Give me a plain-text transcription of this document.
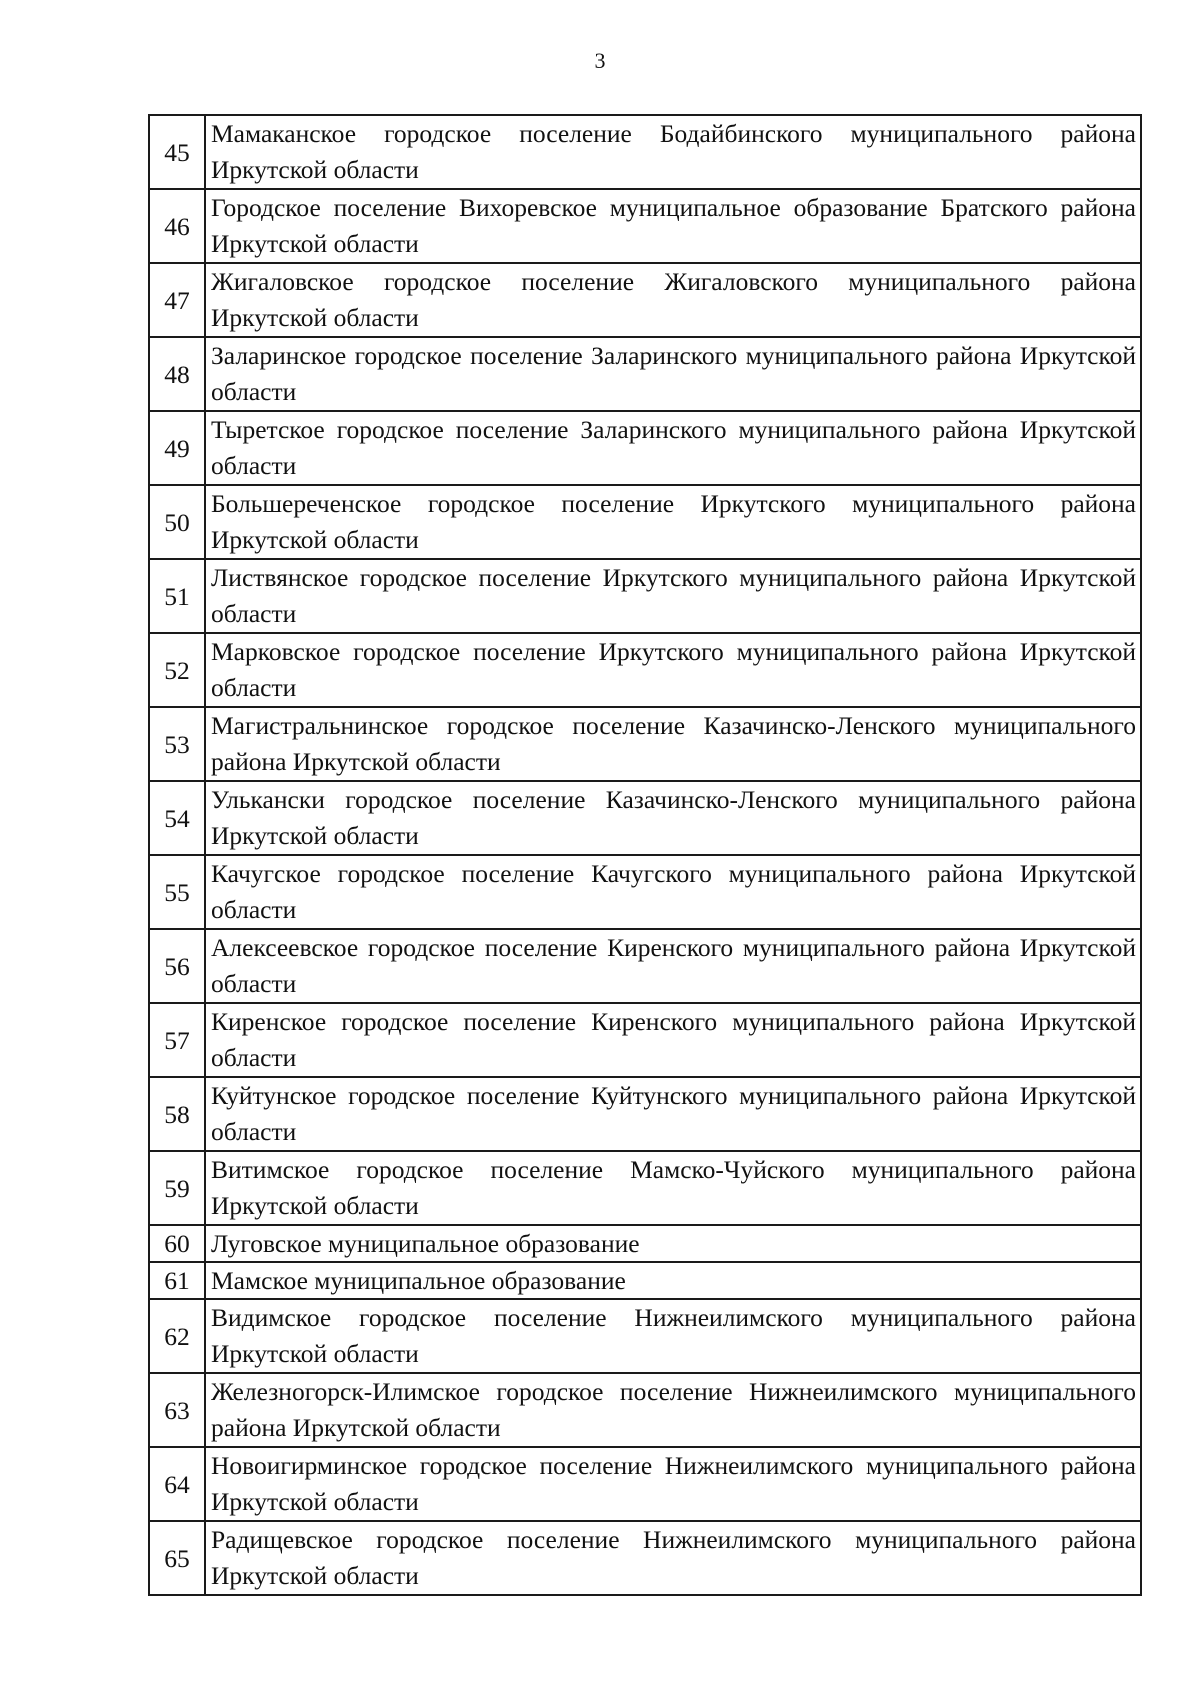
3
45	Мамаканское городское поселение Бодайбинского муниципального района Иркутской области
46	Городское поселение Вихоревское муниципальное образование Братского района Иркутской области
47	Жигаловское городское поселение Жигаловского муниципального района Иркутской области
48	Заларинское городское поселение Заларинского муниципального района Иркутской области
49	Тыретское городское поселение Заларинского муниципального района Иркутской области
50	Большереченское городское поселение Иркутского муниципального района Иркутской области
51	Листвянское городское поселение Иркутского муниципального района Иркутской области
52	Марковское городское поселение Иркутского муниципального района Иркутской области
53	Магистральнинское городское поселение Казачинско-Ленского муниципального района Иркутской области
54	Улькански городское поселение Казачинско-Ленского муниципального района Иркутской области
55	Качугское городское поселение Качугского муниципального района Иркутской области
56	Алексеевское городское поселение Киренского муниципального района Иркутской области
57	Киренское городское поселение Киренского муниципального района Иркутской области
58	Куйтунское городское поселение Куйтунского муниципального района Иркутской области
59	Витимское городское поселение Мамско-Чуйского муниципального района Иркутской области
60	Луговское муниципальное образование
61	Мамское муниципальное образование
62	Видимское городское поселение Нижнеилимского муниципального района Иркутской области
63	Железногорск-Илимское городское поселение Нижнеилимского муниципального района Иркутской области
64	Новоигирминское городское поселение Нижнеилимского муниципального района Иркутской области
65	Радищевское городское поселение Нижнеилимского муниципального района Иркутской области
